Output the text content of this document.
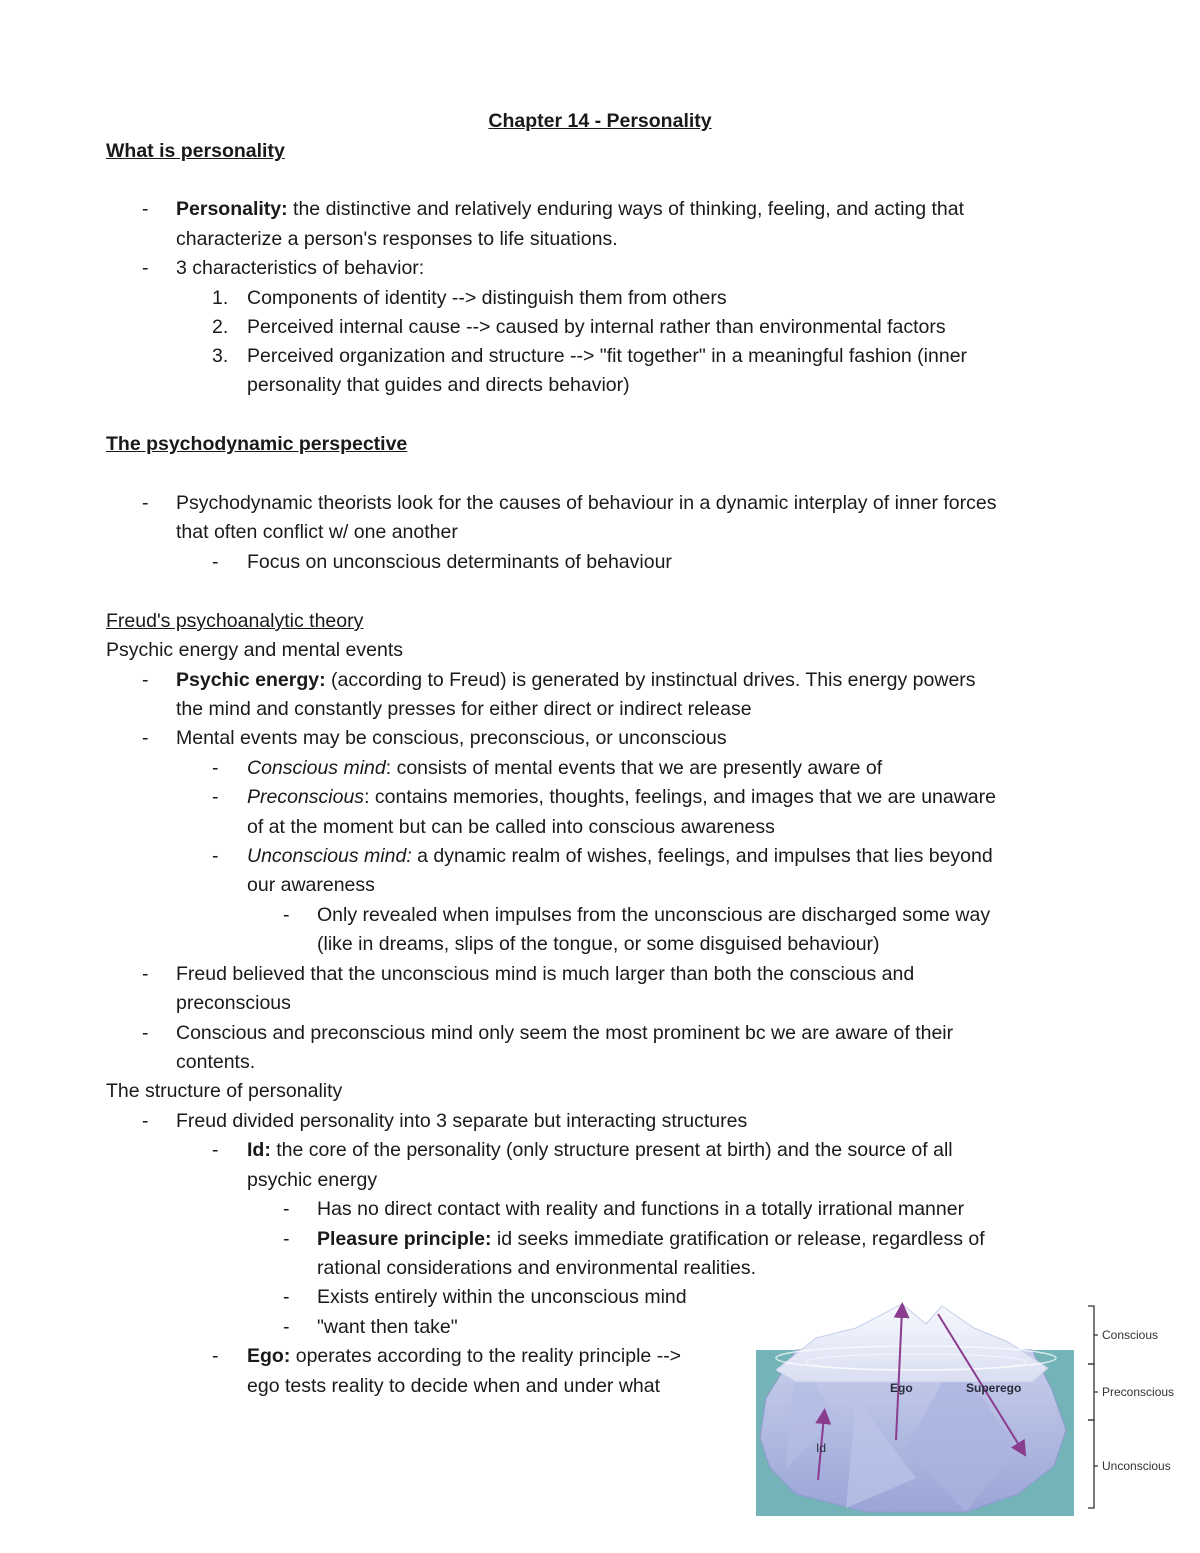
Chapter 14 - Personality
What is personality
- Personality: the distinctive and relatively enduring ways of thinking, feeling, and acting that
characterize a person's responses to life situations.
- 3 characteristics of behavior:
1. Components of identity --> distinguish them from others
2. Perceived internal cause --> caused by internal rather than environmental factors
3. Perceived organization and structure --> "fit together" in a meaningful fashion (inner
personality that guides and directs behavior)
The psychodynamic perspective
- Psychodynamic theorists look for the causes of behaviour in a dynamic interplay of inner forces
that often conflict w/ one another
- Focus on unconscious determinants of behaviour
Freud's psychoanalytic theory
Psychic energy and mental events
- Psychic energy: (according to Freud) is generated by instinctual drives. This energy powers
the mind and constantly presses for either direct or indirect release
- Mental events may be conscious, preconscious, or unconscious
- Conscious mind: consists of mental events that we are presently aware of
- Preconscious: contains memories, thoughts, feelings, and images that we are unaware
of at the moment but can be called into conscious awareness
- Unconscious mind: a dynamic realm of wishes, feelings, and impulses that lies beyond
our awareness
- Only revealed when impulses from the unconscious are discharged some way
(like in dreams, slips of the tongue, or some disguised behaviour)
- Freud believed that the unconscious mind is much larger than both the conscious and
preconscious
- Conscious and preconscious mind only seem the most prominent bc we are aware of their
contents.
The structure of personality
- Freud divided personality into 3 separate but interacting structures
- Id: the core of the personality (only structure present at birth) and the source of all
psychic energy
- Has no direct contact with reality and functions in a totally irrational manner
- Pleasure principle: id seeks immediate gratification or release, regardless of
rational considerations and environmental realities.
- Exists entirely within the unconscious mind
- "want then take"
- Ego: operates according to the reality principle -->
ego tests reality to decide when and under what	Ego	Superego
Id
Conscious
Preconscious
Unconscious
